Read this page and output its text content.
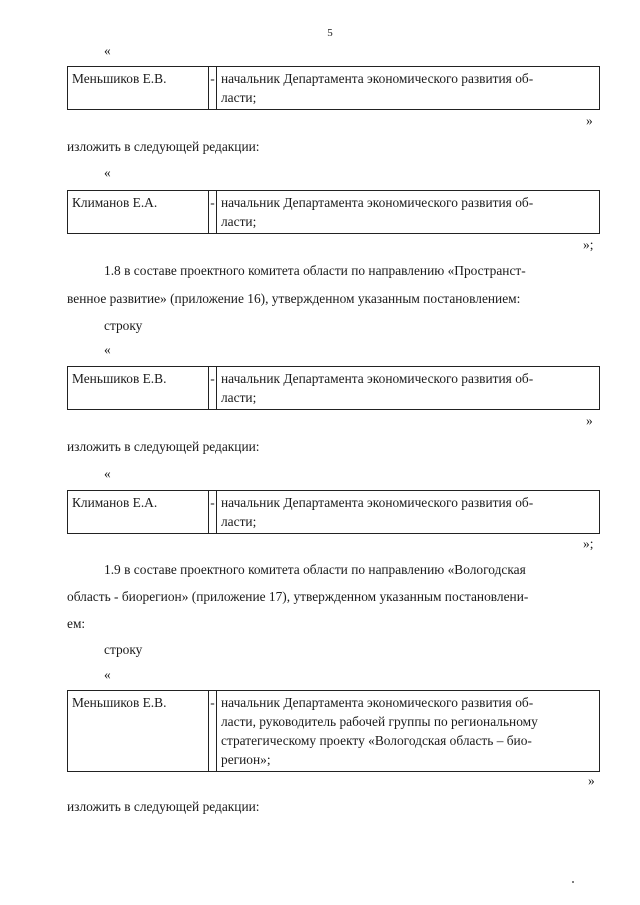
5
«
Меньшиков Е.В.	-	начальник Департамента экономического развития об-
ласти;
»
изложить в следующей редакции:
«
Климанов Е.А.	-	начальник Департамента экономического развития об-
ласти;
»;
1.8 в составе проектного комитета области по направлению «Пространст-
венное развитие» (приложение 16), утвержденном указанным постановлением:
строку
«
Меньшиков Е.В.	-	начальник Департамента экономического развития об-
ласти;
»
изложить в следующей редакции:
«
Климанов Е.А.	-	начальник Департамента экономического развития об-
ласти;
»;
1.9 в составе проектного комитета области по направлению «Вологодская
область - биорегион» (приложение 17), утвержденном указанным постановлени-
ем:
строку
«
Меньшиков Е.В.	-	начальник Департамента экономического развития об-
ласти, руководитель рабочей группы по региональному
стратегическому проекту «Вологодская область – био-
регион»;
»
изложить в следующей редакции:
